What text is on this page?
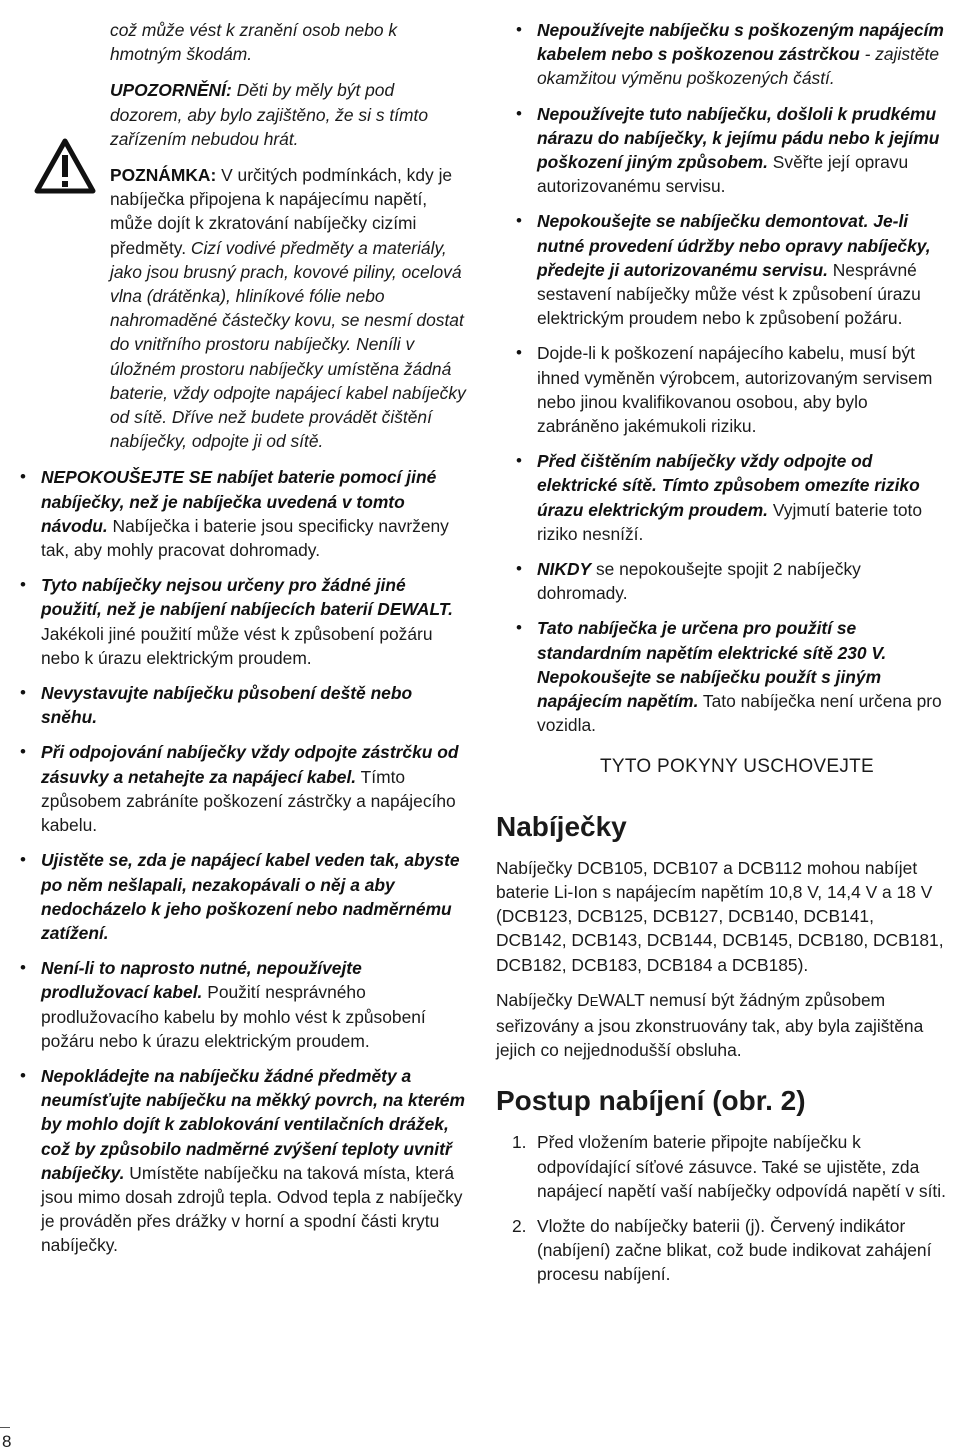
což může vést k zranění osob nebo k hmotným škodám.

UPOZORNĚNÍ: Děti by měly být pod dozorem, aby bylo zajištěno, že si s tímto zařízením nebudou hrát.

POZNÁMKA: V určitých podmínkách, kdy je nabíječka připojena k napájecímu napětí, může dojít k zkratování nabíječky cizími předměty. Cizí vodivé předměty a materiály, jako jsou brusný prach, kovové piliny, ocelová vlna (drátěnka), hliníkové fólie nebo nahromaděné částečky kovu, se nesmí dostat do vnitřního prostoru nabíječky. Neníli v úložném prostoru nabíječky umístěna žádná baterie, vždy odpojte napájecí kabel nabíječky od sítě. Dříve než budete provádět čištění nabíječky, odpojte ji od sítě.

• NEPOKOUŠEJTE SE nabíjet baterie pomocí jiné nabíječky, než je nabíječka uvedená v tomto návodu. Nabíječka i baterie jsou specificky navrženy tak, aby mohly pracovat dohromady.
• Tyto nabíječky nejsou určeny pro žádné jiné použití, než je nabíjení nabíjecích baterií DEWALT. Jakékoli jiné použití může vést k způsobení požáru nebo k úrazu elektrickým proudem.
• Nevystavujte nabíječku působení deště nebo sněhu.
• Při odpojování nabíječky vždy odpojte zástrčku od zásuvky a netahejte za napájecí kabel. Tímto způsobem zabráníte poškození zástrčky a napájecího kabelu.
• Ujistěte se, zda je napájecí kabel veden tak, abyste po něm nešlapali, nezakopávali o něj a aby nedocházelo k jeho poškození nebo nadměrnému zatížení.
• Není-li to naprosto nutné, nepoužívejte prodlužovací kabel. Použití nesprávného prodlužovacího kabelu by mohlo vést k způsobení požáru nebo k úrazu elektrickým proudem.
• Nepokládejte na nabíječku žádné předměty a neumísťujte nabíječku na měkký povrch, na kterém by mohlo dojít k zablokování ventilačních drážek, což by způsobilo nadměrné zvýšení teploty uvnitř nabíječky. Umístěte nabíječku na taková místa, která jsou mimo dosah zdrojů tepla. Odvod tepla z nabíječky je prováděn přes drážky v horní a spodní části krytu nabíječky.
• Nepoužívejte nabíječku s poškozeným napájecím kabelem nebo s poškozenou zástrčkou - zajistěte okamžitou výměnu poškozených částí.
• Nepoužívejte tuto nabíječku, došloli k prudkému nárazu do nabíječky, k jejímu pádu nebo k jejímu poškození jiným způsobem. Svěřte její opravu autorizovanému servisu.
• Nepokoušejte se nabíječku demontovat. Je-li nutné provedení údržby nebo opravy nabíječky, předejte ji autorizovanému servisu. Nesprávné sestavení nabíječky může vést k způsobení úrazu elektrickým proudem nebo k způsobení požáru.
• Dojde-li k poškození napájecího kabelu, musí být ihned vyměněn výrobcem, autorizovaným servisem nebo jinou kvalifikovanou osobou, aby bylo zabráněno jakémukoli riziku.
• Před čištěním nabíječky vždy odpojte od elektrické sítě. Tímto způsobem omezíte riziko úrazu elektrickým proudem. Vyjmutí baterie toto riziko nesníží.
• NIKDY se nepokoušejte spojit 2 nabíječky dohromady.
• Tato nabíječka je určena pro použití se standardním napětím elektrické sítě 230 V. Nepokoušejte se nabíječku použít s jiným napájecím napětím. Tato nabíječka není určena pro vozidla.
TYTO POKYNY USCHOVEJTE
Nabíječky

Nabíječky DCB105, DCB107 a DCB112 mohou nabíjet baterie Li-Ion s napájecím napětím 10,8 V, 14,4 V a 18 V (DCB123, DCB125, DCB127, DCB140, DCB141, DCB142, DCB143, DCB144, DCB145, DCB180, DCB181, DCB182, DCB183, DCB184 a DCB185).

Nabíječky DEWALT nemusí být žádným způsobem seřizovány a jsou zkonstruovány tak, aby byla zajištěna jejich co nejjednodušší obsluha.

Postup nabíjení (obr. 2)
1. Před vložením baterie připojte nabíječku k odpovídající síťové zásuvce. Také se ujistěte, zda napájecí napětí vaší nabíječky odpovídá napětí v síti.
2. Vložte do nabíječky baterii (j). Červený indikátor (nabíjení) začne blikat, což bude indikovat zahájení procesu nabíjení.
8
